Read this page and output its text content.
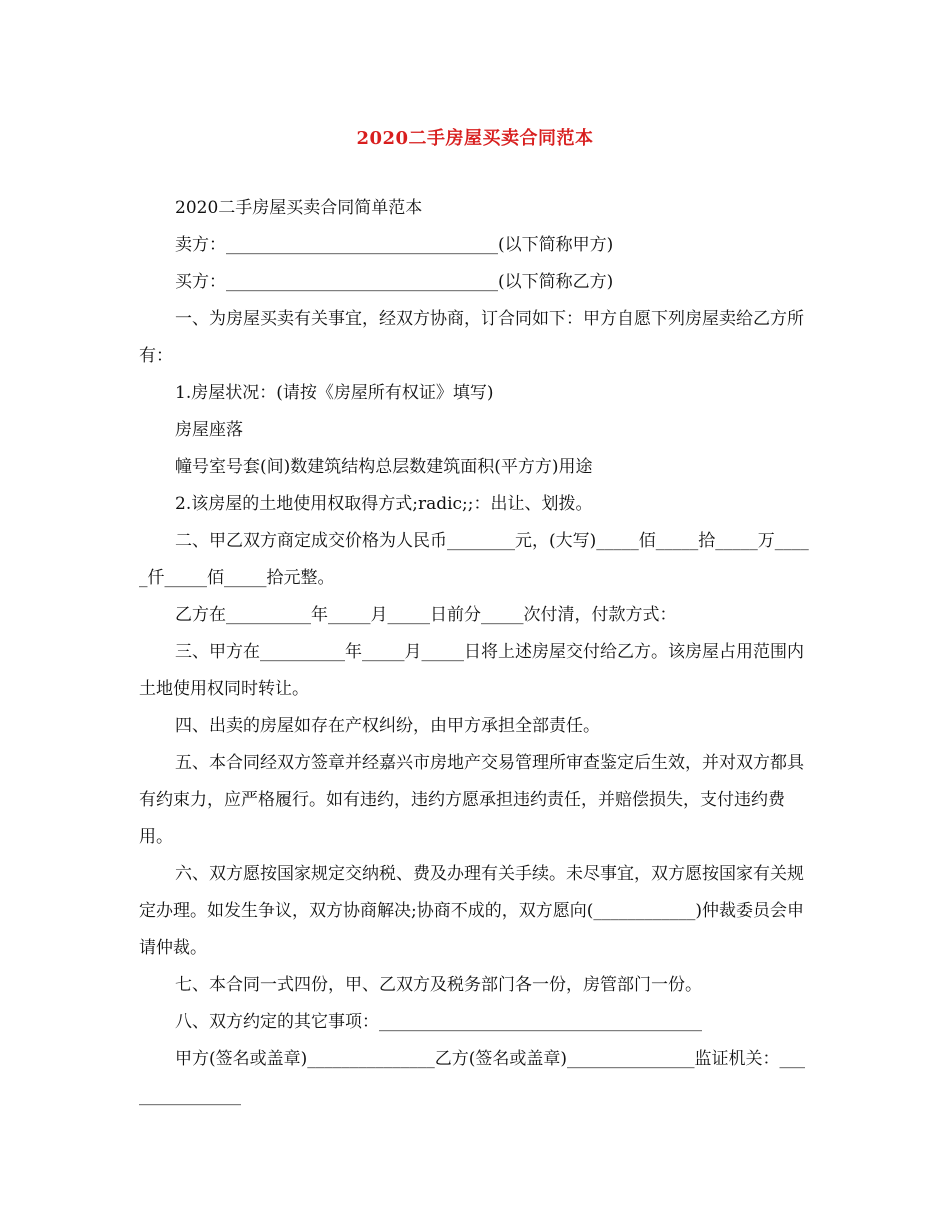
2020二手房屋买卖合同范本

2020二手房屋买卖合同简单范本

卖方：________________________________(以下简称甲方)

买方：________________________________(以下简称乙方)

一、为房屋买卖有关事宜，经双方协商，订合同如下：甲方自愿下列房屋卖给乙方所有：

1.房屋状况：(请按《房屋所有权证》填写)

房屋座落

幢号室号套(间)数建筑结构总层数建筑面积(平方方)用途

2.该房屋的土地使用权取得方式;radic;;：出让、划拨。

二、甲乙双方商定成交价格为人民币________元，(大写)_____佰_____拾_____万_____仟_____佰_____拾元整。

乙方在__________年_____月_____日前分_____次付清，付款方式：

三、甲方在__________年_____月_____日将上述房屋交付给乙方。该房屋占用范围内土地使用权同时转让。

四、出卖的房屋如存在产权纠纷，由甲方承担全部责任。

五、本合同经双方签章并经嘉兴市房地产交易管理所审查鉴定后生效，并对双方都具有约束力，应严格履行。如有违约，违约方愿承担违约责任，并赔偿损失，支付违约费用。

六、双方愿按国家规定交纳税、费及办理有关手续。未尽事宜，双方愿按国家有关规定办理。如发生争议，双方协商解决;协商不成的，双方愿向(____________)仲裁委员会申请仲裁。

七、本合同一式四份，甲、乙双方及税务部门各一份，房管部门一份。

八、双方约定的其它事项：______________________________________

甲方(签名或盖章)_______________乙方(签名或盖章)_______________监证机关：_______________
